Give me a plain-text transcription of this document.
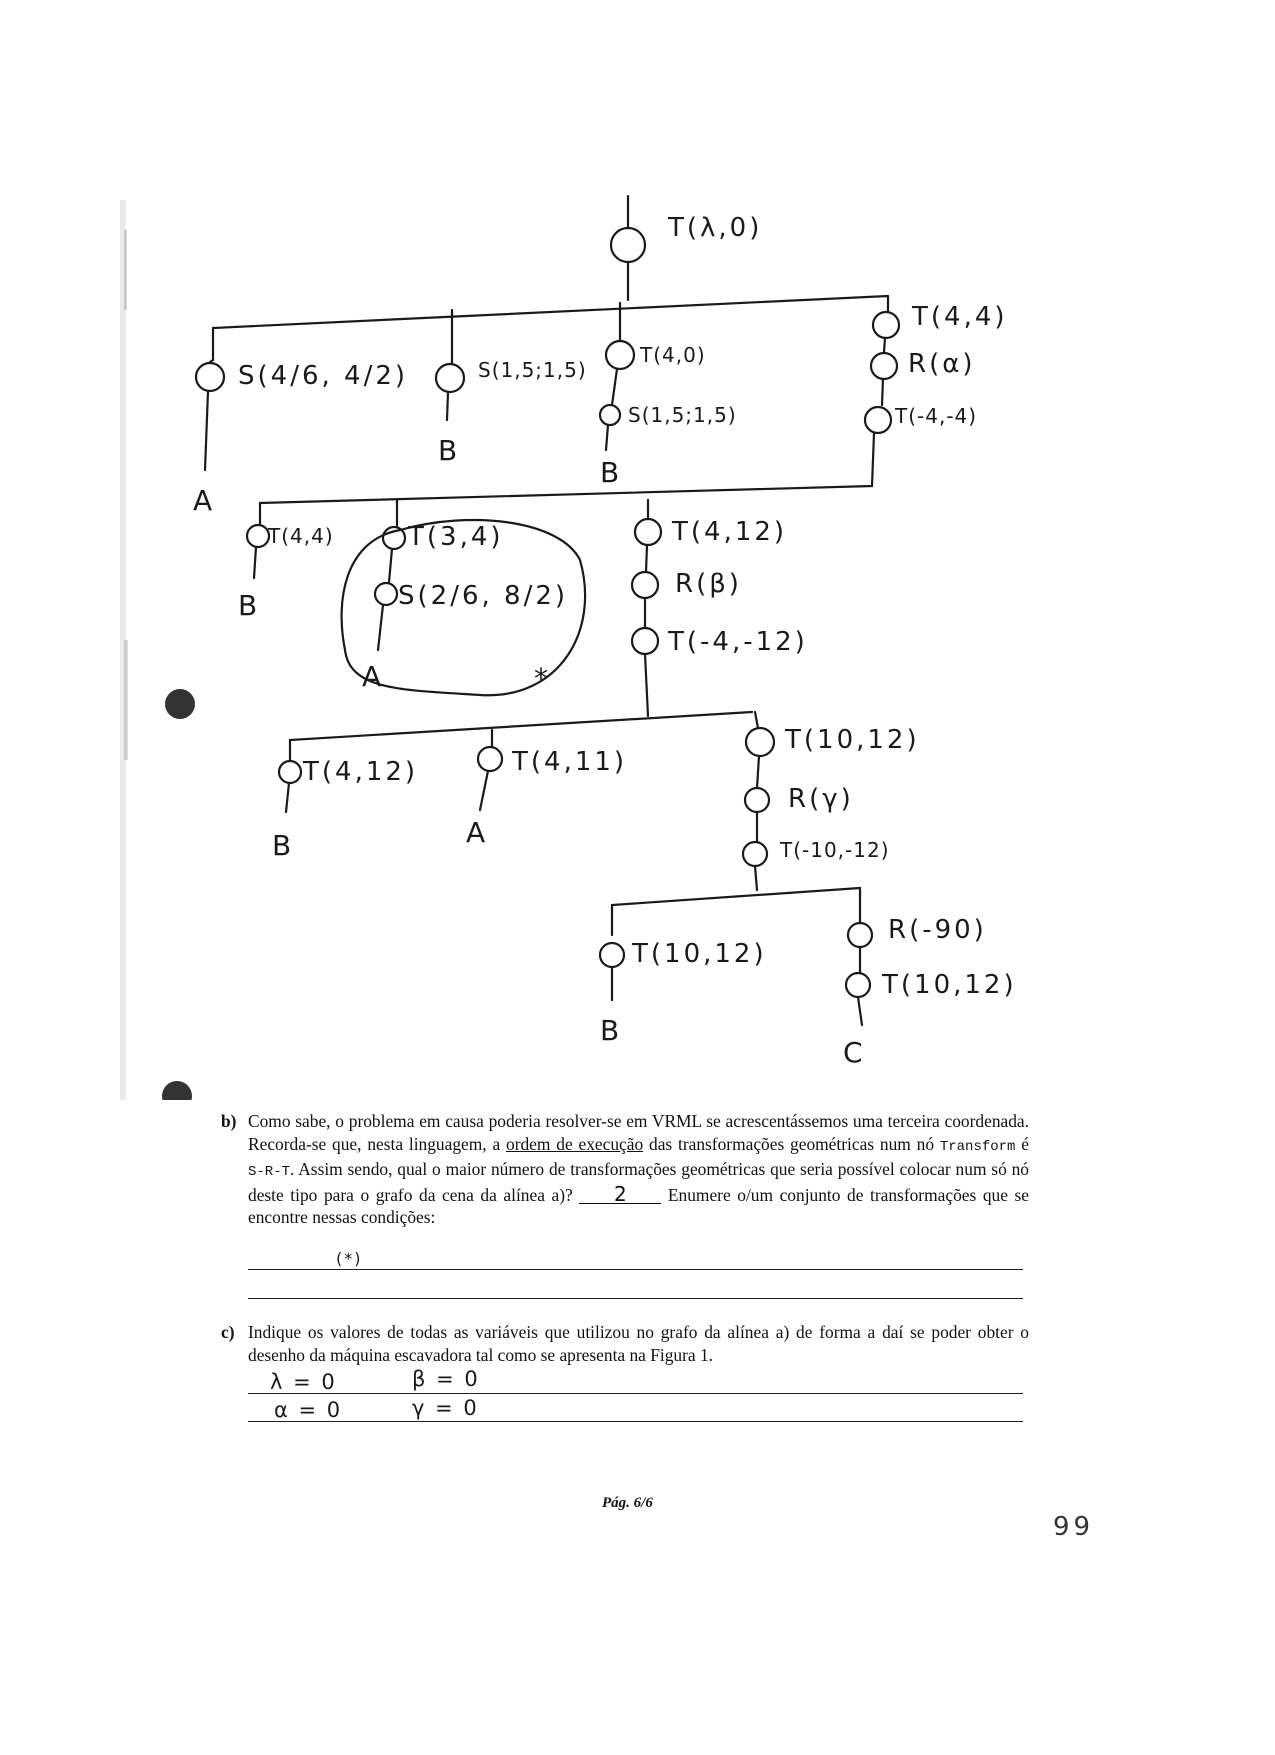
T(λ,0)
S(4/6, 4/2)
A
S(1,5;1,5)
B
T(4,0)
S(1,5;1,5)
B
T(4,4)
R(α)
T(-4,-4)
T(4,4)
B
T(3,4)
S(2/6, 8/2)
A	*
T(4,12)
R(β)
T(-4,-12)
T(4,12)
B
T(4,11)
A
T(10,12)
R(γ)
T(-10,-12)
T(10,12)
B
R(-90)
T(10,12)
C
b) Como sabe, o problema em causa poderia resolver-se em VRML se acrescentássemos uma terceira coordenada. Recorda-se que, nesta linguagem, a ordem de execução das transformações geométricas num nó Transform é S-R-T. Assim sendo, qual o maior número de transformações geométricas que seria possível colocar num só nó deste tipo para o grafo da cena da alínea a)? 2 Enumere o/um conjunto de transformações que se encontre nessas condições:
(*)
c) Indique os valores de todas as variáveis que utilizou no grafo da alínea a) de forma a daí se poder obter o desenho da máquina escavadora tal como se apresenta na Figura 1.
λ = 0	β = 0
α = 0	γ = 0
Pág. 6/6
99
